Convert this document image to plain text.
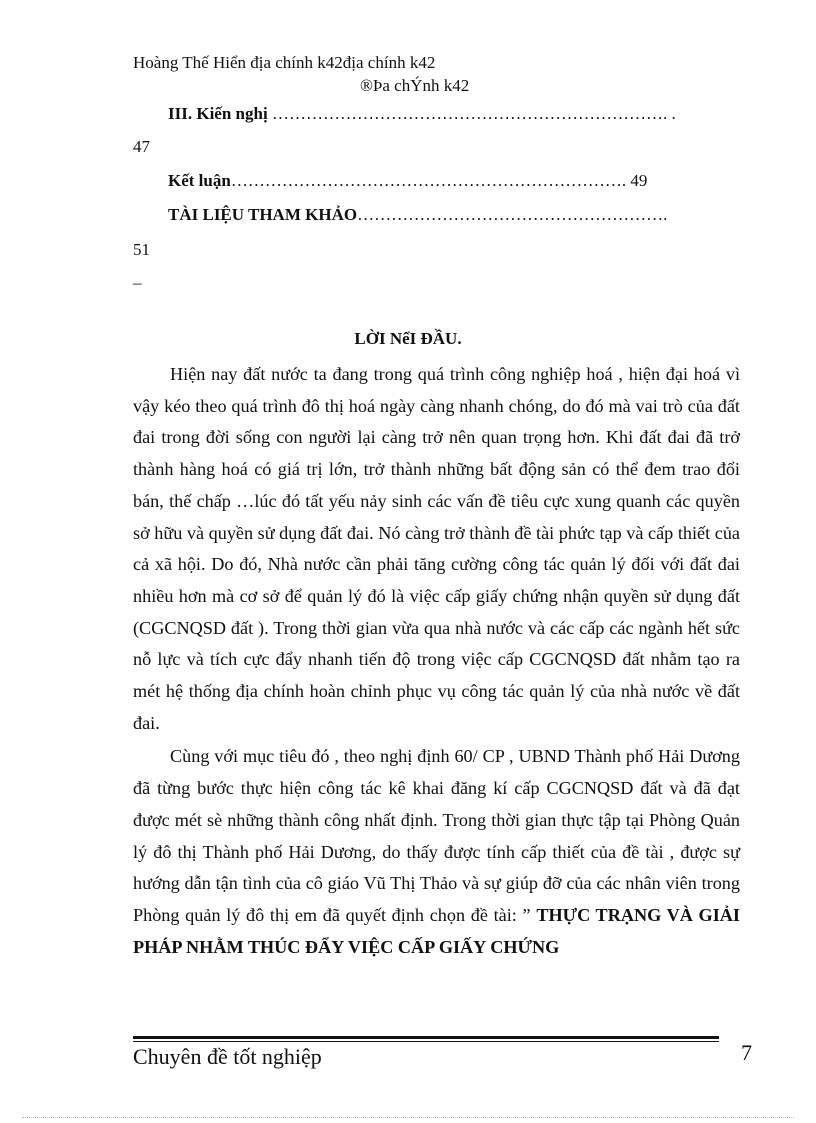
Hoàng Thế Hiển địa chính k42địa chính k42
®Þa chÝnh k42
III. Kiến nghị ……………………………………………………………. .
47
Kết luận……………………………………………………………. 49
TÀI LIỆU THAM KHẢO……………………………………………….
51
–
LỜI NểI ĐẦU.

Hiện nay đất nước ta đang trong quá trình công nghiệp hoá , hiện đại hoá vì vậy kéo theo quá trình đô thị hoá ngày càng nhanh chóng, do đó mà vai trò của đất đai trong đời sống con người lại càng trở nên quan trọng hơn. Khi đất đai đã trở thành hàng hoá có giá trị lớn, trở thành những bất động sản có thể đem trao đổi bán, thế chấp …lúc đó tất yếu nảy sinh các vấn đề tiêu cực xung quanh các quyền sở hữu và quyền sử dụng đất đai. Nó càng trở thành đề tài phức tạp và cấp thiết của cả xã hội. Do đó, Nhà nước cần phải tăng cường công tác quản lý đối với đất đai nhiều hơn mà cơ sở để quản lý đó là việc cấp giấy chứng nhận quyền sử dụng đất (CGCNQSD đất ). Trong thời gian vừa qua nhà nước và các cấp các ngành hết sức nỗ lực và tích cực đẩy nhanh tiến độ trong việc cấp CGCNQSD đất nhằm tạo ra mét hệ thống địa chính hoàn chỉnh phục vụ công tác quản lý của nhà nước về đất đai.

Cùng với mục tiêu đó , theo nghị định 60/ CP , UBND Thành phố Hải Dương đã từng bước thực hiện công tác kê khai đăng kí cấp CGCNQSD đất và đã đạt được mét sè những thành công nhất định. Trong thời gian thực tập tại Phòng Quản lý đô thị Thành phố Hải Dương, do thấy được tính cấp thiết của đề tài , được sự hướng dẫn tận tình của cô giáo Vũ Thị Thảo và sự giúp đỡ của các nhân viên trong Phòng quản lý đô thị em đã quyết định chọn đề tài: ” THỰC TRẠNG VÀ GIẢI PHÁP NHẰM THÚC ĐẨY VIỆC CẤP GIẤY CHỨNG

Chuyên đề tốt nghiệp	7
